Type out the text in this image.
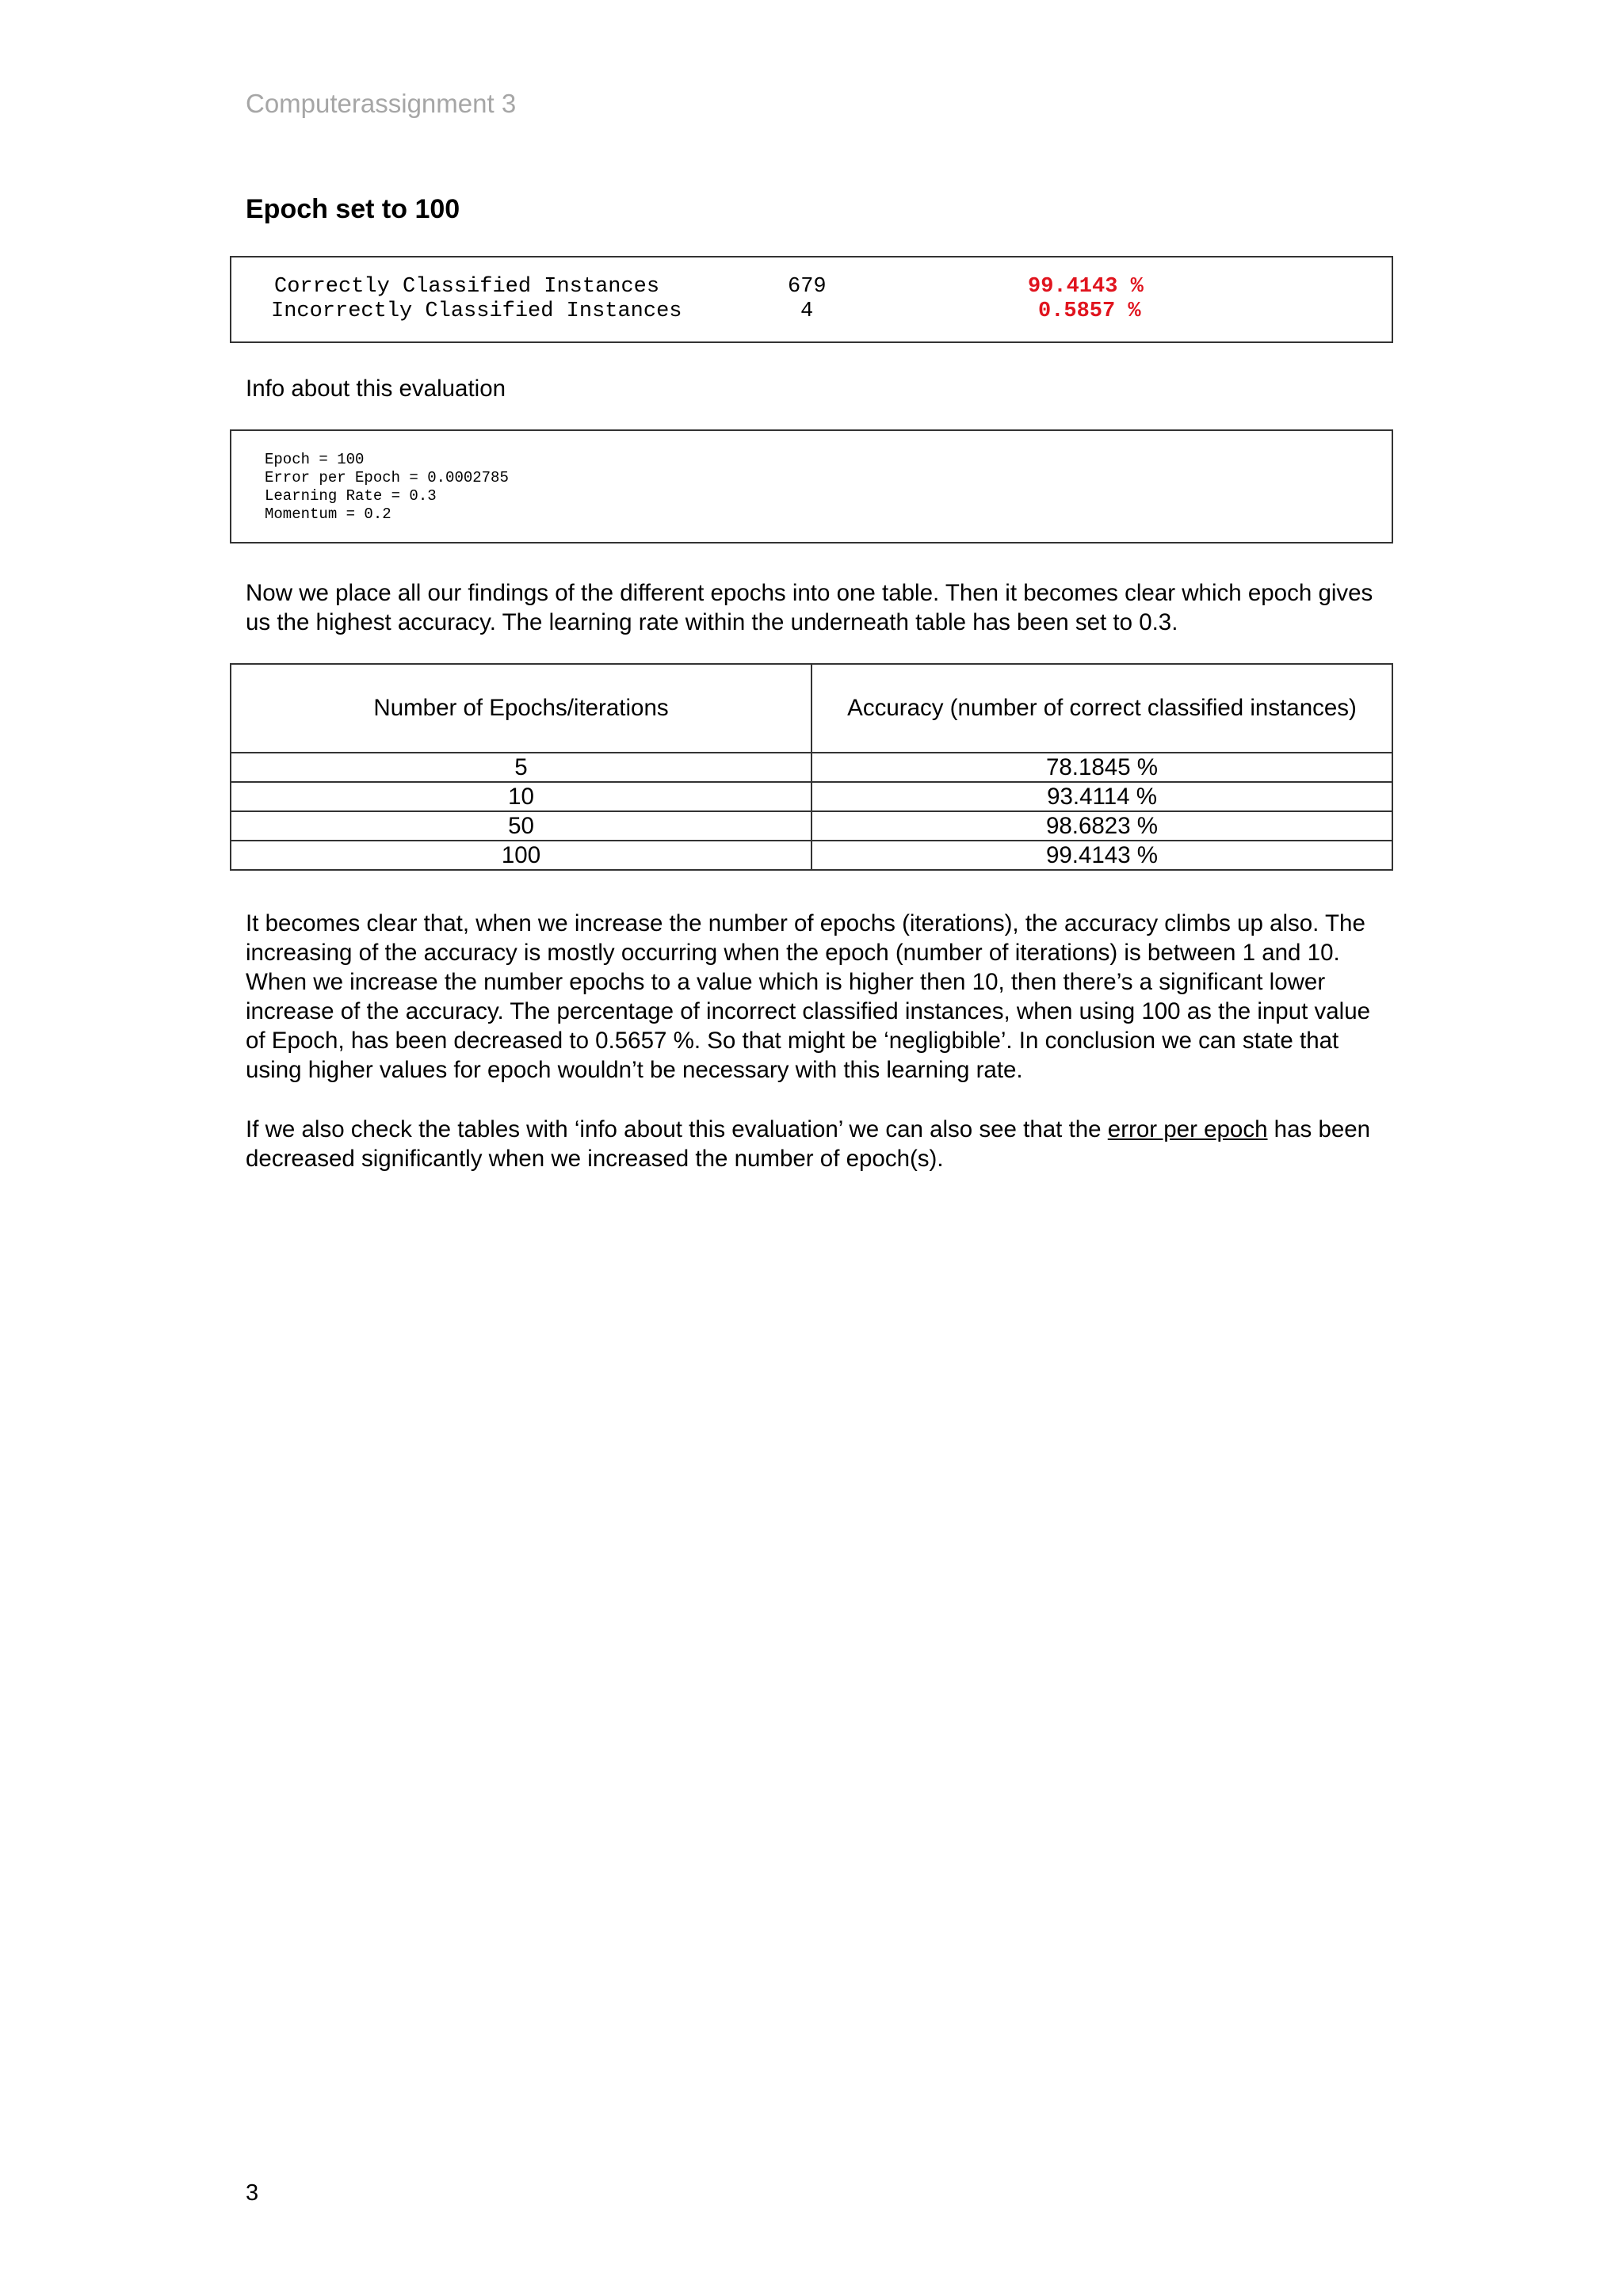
Computerassignment 3
Epoch set to 100
Correctly Classified Instances	679	99.4143 %
Incorrectly Classified Instances	4	0.5857 %
Info about this evaluation
Epoch = 100
Error per Epoch = 0.0002785
Learning Rate = 0.3
Momentum = 0.2
Now we place all our findings of the different epochs into one table. Then it becomes clear which epoch gives us the highest accuracy. The learning rate within the underneath table has been set to 0.3.
Number of Epochs/iterations	Accuracy (number of correct classified instances)
5	78.1845 %
10	93.4114 %
50	98.6823 %
100	99.4143 %
It becomes clear that, when we increase the number of epochs (iterations), the accuracy climbs up also. The increasing of the accuracy is mostly occurring when the epoch (number of iterations) is between 1 and 10. When we increase the number epochs to a value which is higher then 10, then there’s a significant lower increase of the accuracy. The percentage of incorrect classified instances, when using 100 as the input value of Epoch, has been decreased to 0.5657 %. So that might be ‘negligbible’. In conclusion we can state that using higher values for epoch wouldn’t be necessary with this learning rate.
If we also check the tables with ‘info about this evaluation’ we can also see that the error per epoch has been decreased significantly when we increased the number of epoch(s).
3
